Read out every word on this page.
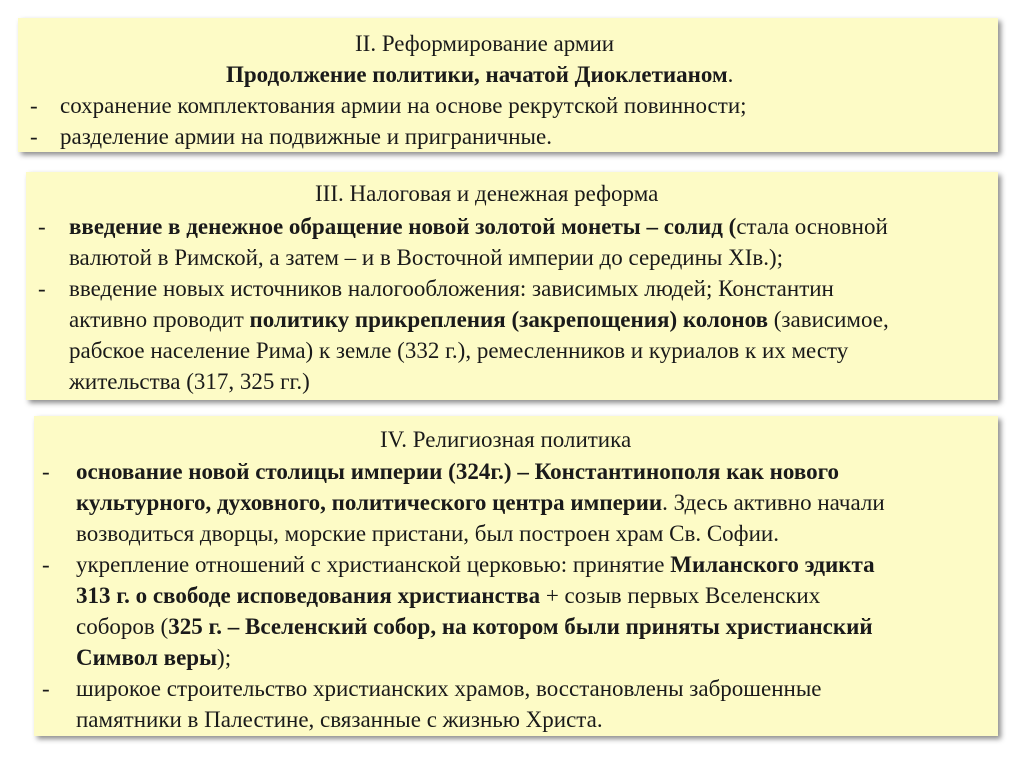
II. Реформирование армии
Продолжение политики, начатой Диоклетианом.
- сохранение комплектования армии на основе рекрутской повинности;
- разделение армии на подвижные и приграничные.
III. Налоговая и денежная реформа
- введение в денежное обращение новой золотой монеты – солид (стала основной
валютой в Римской, а затем – и в Восточной империи до середины XIв.);
- введение новых источников налогообложения: зависимых людей; Константин
активно проводит политику прикрепления (закрепощения) колонов (зависимое,
рабское население Рима) к земле (332 г.), ремесленников и куриалов к их месту
жительства (317, 325 гг.)
IV. Религиозная политика
- основание новой столицы империи (324г.) – Константинополя как нового
культурного, духовного, политического центра империи. Здесь активно начали
возводиться дворцы, морские пристани, был построен храм Св. Софии.
- укрепление отношений с христианской церковью: принятие Миланского эдикта
313 г. о свободе исповедования христианства + созыв первых Вселенских
соборов (325 г. – Вселенский собор, на котором были приняты христианский
Символ веры);
- широкое строительство христианских храмов, восстановлены заброшенные
памятники в Палестине, связанные с жизнью Христа.
